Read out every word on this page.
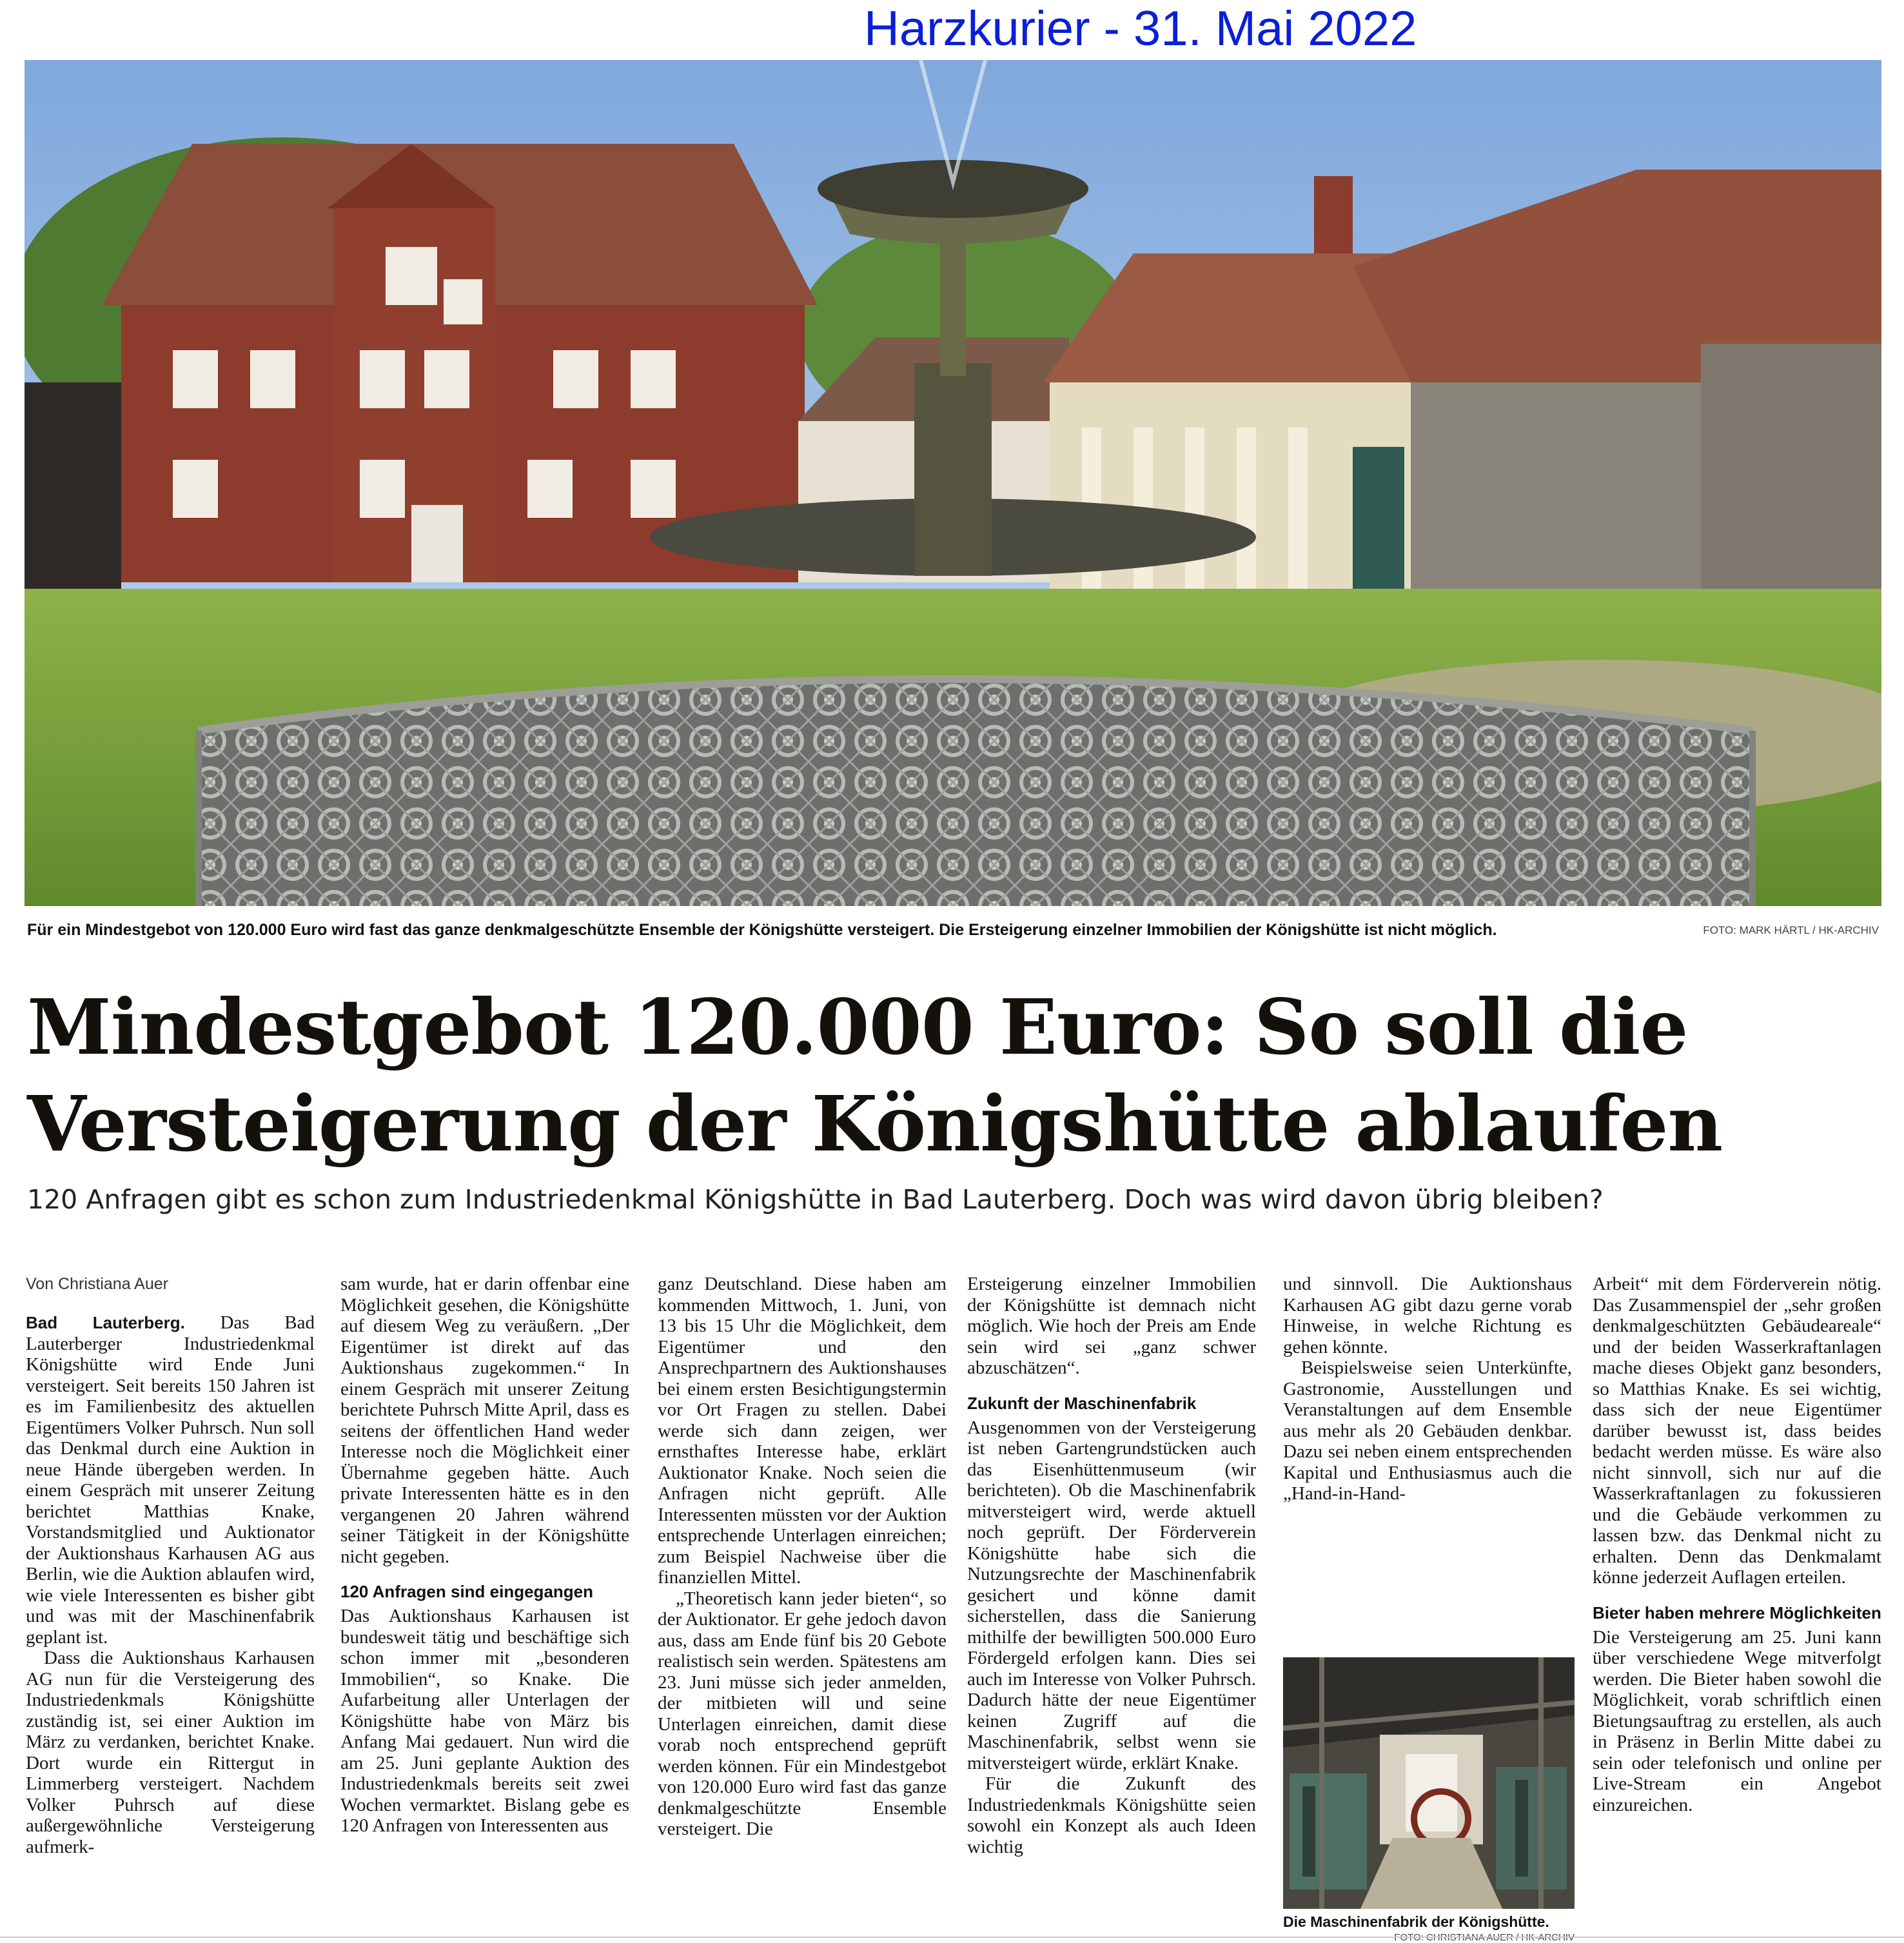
Harzkurier - 31. Mai 2022
Für ein Mindestgebot von 120.000 Euro wird fast das ganze denkmalgeschützte Ensemble der Königshütte versteigert. Die Ersteigerung einzelner Immobilien der Königshütte ist nicht möglich.	FOTO: MARK HÄRTL / HK-ARCHIV
Mindestgebot 120.000 Euro: So soll die
Versteigerung der Königshütte ablaufen
120 Anfragen gibt es schon zum Industriedenkmal Königshütte in Bad Lauterberg. Doch was wird davon übrig bleiben?

Von Christiana Auer

Bad Lauterberg. Das Bad Lauterberger Industriedenkmal Königshütte wird Ende Juni versteigert. Seit bereits 150 Jahren ist es im Familienbesitz des aktuellen Eigentümers Volker Puhrsch. Nun soll das Denkmal durch eine Auktion in neue Hände übergeben werden. In einem Gespräch mit unserer Zeitung berichtet Matthias Knake, Vorstandsmitglied und Auktionator der Auktionshaus Karhausen AG aus Berlin, wie die Auktion ablaufen wird, wie viele Interessenten es bisher gibt und was mit der Maschinenfabrik geplant ist.

Dass die Auktionshaus Karhausen AG nun für die Versteigerung des Industriedenkmals Königshütte zuständig ist, sei einer Auktion im März zu verdanken, berichtet Knake. Dort wurde ein Rittergut in Limmerberg versteigert. Nachdem Volker Puhrsch auf diese außergewöhnliche Versteigerung aufmerk-

sam wurde, hat er darin offenbar eine Möglichkeit gesehen, die Königshütte auf diesem Weg zu veräußern. „Der Eigentümer ist direkt auf das Auktionshaus zugekommen.“ In einem Gespräch mit unserer Zeitung berichtete Puhrsch Mitte April, dass es seitens der öffentlichen Hand weder Interesse noch die Möglichkeit einer Übernahme gegeben hätte. Auch private Interessenten hätte es in den vergangenen 20 Jahren während seiner Tätigkeit in der Königshütte nicht gegeben.

120 Anfragen sind eingegangen

Das Auktionshaus Karhausen ist bundesweit tätig und beschäftige sich schon immer mit „besonderen Immobilien“, so Knake. Die Aufarbeitung aller Unterlagen der Königshütte habe von März bis Anfang Mai gedauert. Nun wird die am 25. Juni geplante Auktion des Industriedenkmals bereits seit zwei Wochen vermarktet. Bislang gebe es 120 Anfragen von Interessenten aus

ganz Deutschland. Diese haben am kommenden Mittwoch, 1. Juni, von 13 bis 15 Uhr die Möglichkeit, dem Eigentümer und den Ansprechpartnern des Auktionshauses bei einem ersten Besichtigungstermin vor Ort Fragen zu stellen. Dabei werde sich dann zeigen, wer ernsthaftes Interesse habe, erklärt Auktionator Knake. Noch seien die Anfragen nicht geprüft. Alle Interessenten müssten vor der Auktion entsprechende Unterlagen einreichen; zum Beispiel Nachweise über die finanziellen Mittel.

„Theoretisch kann jeder bieten“, so der Auktionator. Er gehe jedoch davon aus, dass am Ende fünf bis 20 Gebote realistisch sein werden. Spätestens am 23. Juni müsse sich jeder anmelden, der mitbieten will und seine Unterlagen einreichen, damit diese vorab noch entsprechend geprüft werden können. Für ein Mindestgebot von 120.000 Euro wird fast das ganze denkmalgeschützte Ensemble versteigert. Die

Ersteigerung einzelner Immobilien der Königshütte ist demnach nicht möglich. Wie hoch der Preis am Ende sein wird sei „ganz schwer abzuschätzen“.

Zukunft der Maschinenfabrik

Ausgenommen von der Versteigerung ist neben Gartengrundstücken auch das Eisenhüttenmuseum (wir berichteten). Ob die Maschinenfabrik mitversteigert wird, werde aktuell noch geprüft. Der Förderverein Königshütte habe sich die Nutzungsrechte der Maschinenfabrik gesichert und könne damit sicherstellen, dass die Sanierung mithilfe der bewilligten 500.000 Euro Fördergeld erfolgen kann. Dies sei auch im Interesse von Volker Puhrsch. Dadurch hätte der neue Eigentümer keinen Zugriff auf die Maschinenfabrik, selbst wenn sie mitversteigert würde, erklärt Knake.

Für die Zukunft des Industriedenkmals Königshütte seien sowohl ein Konzept als auch Ideen wichtig

und sinnvoll. Die Auktionshaus Karhausen AG gibt dazu gerne vorab Hinweise, in welche Richtung es gehen könnte.

Beispielsweise seien Unterkünfte, Gastronomie, Ausstellungen und Veranstaltungen auf dem Ensemble aus mehr als 20 Gebäuden denkbar. Dazu sei neben einem entsprechenden Kapital und Enthusiasmus auch die „Hand-in-Hand-

Arbeit“ mit dem Förderverein nötig. Das Zusammenspiel der „sehr großen denkmalgeschützten Gebäudeareale“ und der beiden Wasserkraftanlagen mache dieses Objekt ganz besonders, so Matthias Knake. Es sei wichtig, dass sich der neue Eigentümer darüber bewusst ist, dass beides bedacht werden müsse. Es wäre also nicht sinnvoll, sich nur auf die Wasserkraftanlagen zu fokussieren und die Gebäude verkommen zu lassen bzw. das Denkmal nicht zu erhalten. Denn das Denkmalamt könne jederzeit Auflagen erteilen.

Bieter haben mehrere Möglichkeiten

Die Versteigerung am 25. Juni kann über verschiedene Wege mitverfolgt werden. Die Bieter haben sowohl die Möglichkeit, vorab schriftlich einen Bietungsauftrag zu erstellen, als auch in Präsenz in Berlin Mitte dabei zu sein oder telefonisch und online per Live-Stream ein Angebot einzureichen.

Die Maschinenfabrik der Königshütte.
